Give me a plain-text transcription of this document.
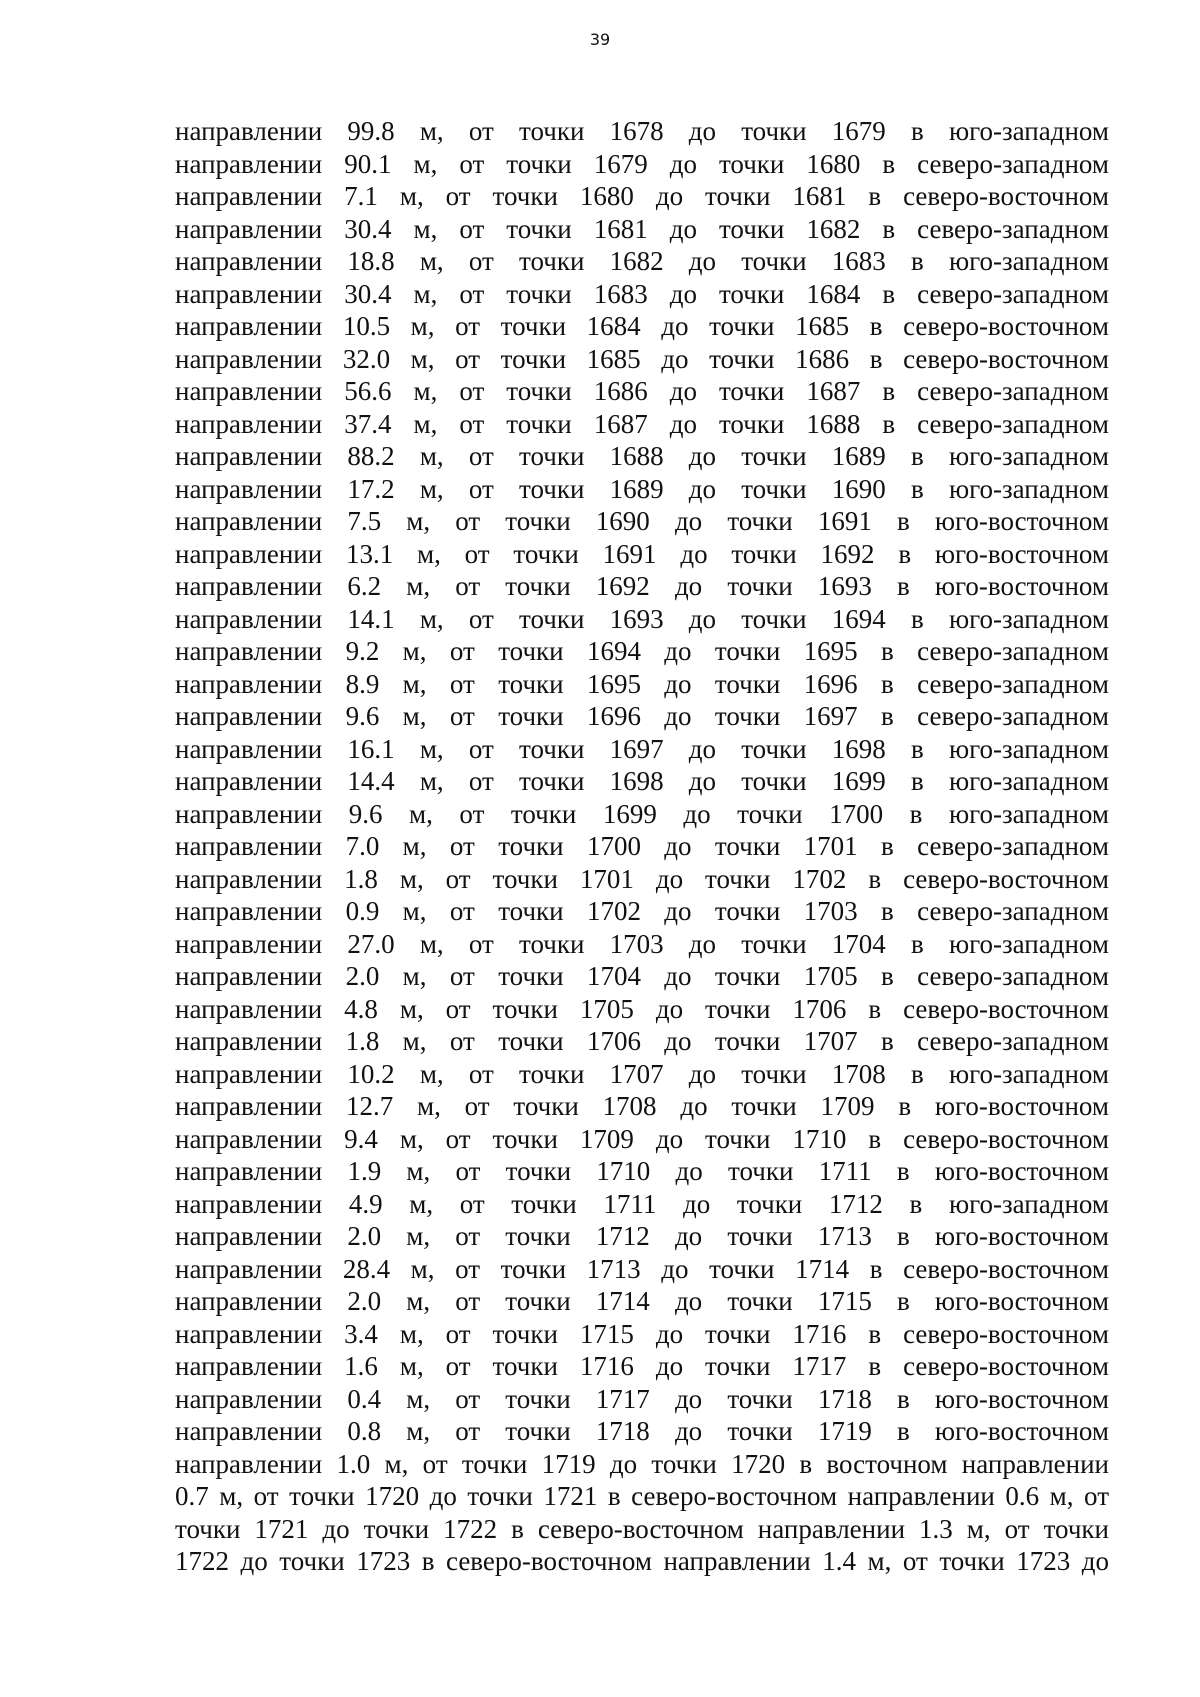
39
направлении 99.8 м, от точки 1678 до точки 1679 в юго-западном
направлении 90.1 м, от точки 1679 до точки 1680 в северо-западном
направлении 7.1 м, от точки 1680 до точки 1681 в северо-восточном
направлении 30.4 м, от точки 1681 до точки 1682 в северо-западном
направлении 18.8 м, от точки 1682 до точки 1683 в юго-западном
направлении 30.4 м, от точки 1683 до точки 1684 в северо-западном
направлении 10.5 м, от точки 1684 до точки 1685 в северо-восточном
направлении 32.0 м, от точки 1685 до точки 1686 в северо-восточном
направлении 56.6 м, от точки 1686 до точки 1687 в северо-западном
направлении 37.4 м, от точки 1687 до точки 1688 в северо-западном
направлении 88.2 м, от точки 1688 до точки 1689 в юго-западном
направлении 17.2 м, от точки 1689 до точки 1690 в юго-западном
направлении 7.5 м, от точки 1690 до точки 1691 в юго-восточном
направлении 13.1 м, от точки 1691 до точки 1692 в юго-восточном
направлении 6.2 м, от точки 1692 до точки 1693 в юго-восточном
направлении 14.1 м, от точки 1693 до точки 1694 в юго-западном
направлении 9.2 м, от точки 1694 до точки 1695 в северо-западном
направлении 8.9 м, от точки 1695 до точки 1696 в северо-западном
направлении 9.6 м, от точки 1696 до точки 1697 в северо-западном
направлении 16.1 м, от точки 1697 до точки 1698 в юго-западном
направлении 14.4 м, от точки 1698 до точки 1699 в юго-западном
направлении 9.6 м, от точки 1699 до точки 1700 в юго-западном
направлении 7.0 м, от точки 1700 до точки 1701 в северо-западном
направлении 1.8 м, от точки 1701 до точки 1702 в северо-восточном
направлении 0.9 м, от точки 1702 до точки 1703 в северо-западном
направлении 27.0 м, от точки 1703 до точки 1704 в юго-западном
направлении 2.0 м, от точки 1704 до точки 1705 в северо-западном
направлении 4.8 м, от точки 1705 до точки 1706 в северо-восточном
направлении 1.8 м, от точки 1706 до точки 1707 в северо-западном
направлении 10.2 м, от точки 1707 до точки 1708 в юго-западном
направлении 12.7 м, от точки 1708 до точки 1709 в юго-восточном
направлении 9.4 м, от точки 1709 до точки 1710 в северо-восточном
направлении 1.9 м, от точки 1710 до точки 1711 в юго-восточном
направлении 4.9 м, от точки 1711 до точки 1712 в юго-западном
направлении 2.0 м, от точки 1712 до точки 1713 в юго-восточном
направлении 28.4 м, от точки 1713 до точки 1714 в северо-восточном
направлении 2.0 м, от точки 1714 до точки 1715 в юго-восточном
направлении 3.4 м, от точки 1715 до точки 1716 в северо-восточном
направлении 1.6 м, от точки 1716 до точки 1717 в северо-восточном
направлении 0.4 м, от точки 1717 до точки 1718 в юго-восточном
направлении 0.8 м, от точки 1718 до точки 1719 в юго-восточном
направлении 1.0 м, от точки 1719 до точки 1720 в восточном направлении
0.7 м, от точки 1720 до точки 1721 в северо-восточном направлении 0.6 м, от
точки 1721 до точки 1722 в северо-восточном направлении 1.3 м, от точки
1722 до точки 1723 в северо-восточном направлении 1.4 м, от точки 1723 до
